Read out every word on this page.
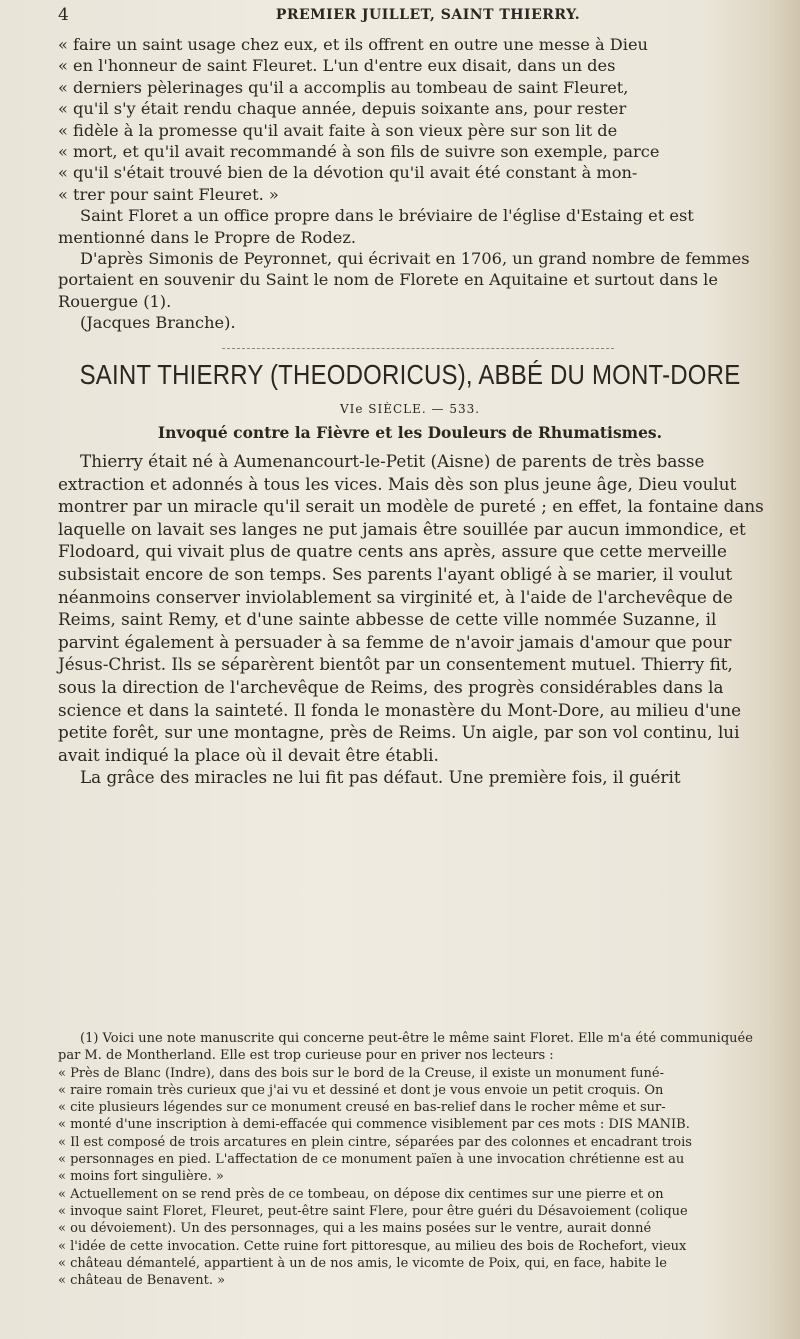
4	PREMIER JUILLET, SAINT THIERRY.
« faire un saint usage chez eux, et ils offrent en outre une messe à Dieu
« en l'honneur de saint Fleuret. L'un d'entre eux disait, dans un des
« derniers pèlerinages qu'il a accomplis au tombeau de saint Fleuret,
« qu'il s'y était rendu chaque année, depuis soixante ans, pour rester
« fidèle à la promesse qu'il avait faite à son vieux père sur son lit de
« mort, et qu'il avait recommandé à son fils de suivre son exemple, parce
« qu'il s'était trouvé bien de la dévotion qu'il avait été constant à mon-
« trer pour saint Fleuret. »

Saint Floret a un office propre dans le bréviaire de l'église d'Estaing et est mentionné dans le Propre de Rodez.

D'après Simonis de Peyronnet, qui écrivait en 1706, un grand nombre de femmes portaient en souvenir du Saint le nom de Florete en Aquitaine et surtout dans le Rouergue (1).

(Jacques Branche).

SAINT THIERRY (THEODORICUS), ABBÉ DU MONT-DORE
VIe SIÈCLE. — 533.
Invoqué contre la Fièvre et les Douleurs de Rhumatismes.

Thierry était né à Aumenancourt-le-Petit (Aisne) de parents de très basse extraction et adonnés à tous les vices. Mais dès son plus jeune âge, Dieu voulut montrer par un miracle qu'il serait un modèle de pureté ; en effet, la fontaine dans laquelle on lavait ses langes ne put jamais être souillée par aucun immondice, et Flodoard, qui vivait plus de quatre cents ans après, assure que cette merveille subsistait encore de son temps. Ses parents l'ayant obligé à se marier, il voulut néanmoins conserver inviolablement sa virginité et, à l'aide de l'archevêque de Reims, saint Remy, et d'une sainte abbesse de cette ville nommée Suzanne, il parvint également à persuader à sa femme de n'avoir jamais d'amour que pour Jésus-Christ. Ils se séparèrent bientôt par un consentement mutuel. Thierry fit, sous la direction de l'archevêque de Reims, des progrès considérables dans la science et dans la sainteté. Il fonda le monastère du Mont-Dore, au milieu d'une petite forêt, sur une montagne, près de Reims. Un aigle, par son vol continu, lui avait indiqué la place où il devait être établi.

La grâce des miracles ne lui fit pas défaut. Une première fois, il guérit

(1) Voici une note manuscrite qui concerne peut-être le même saint Floret. Elle m'a été communiquée par M. de Montherland. Elle est trop curieuse pour en priver nos lecteurs :

« Près de Blanc (Indre), dans des bois sur le bord de la Creuse, il existe un monument funé-
« raire romain très curieux que j'ai vu et dessiné et dont je vous envoie un petit croquis. On
« cite plusieurs légendes sur ce monument creusé en bas-relief dans le rocher même et sur-
« monté d'une inscription à demi-effacée qui commence visiblement par ces mots : DIS MANIB.
« Il est composé de trois arcatures en plein cintre, séparées par des colonnes et encadrant trois
« personnages en pied. L'affectation de ce monument païen à une invocation chrétienne est au
« moins fort singulière. »
« Actuellement on se rend près de ce tombeau, on dépose dix centimes sur une pierre et on
« invoque saint Floret, Fleuret, peut-être saint Flere, pour être guéri du Désavoiement (colique
« ou dévoiement). Un des personnages, qui a les mains posées sur le ventre, aurait donné
« l'idée de cette invocation. Cette ruine fort pittoresque, au milieu des bois de Rochefort, vieux
« château démantelé, appartient à un de nos amis, le vicomte de Poix, qui, en face, habite le
« château de Benavent. »
